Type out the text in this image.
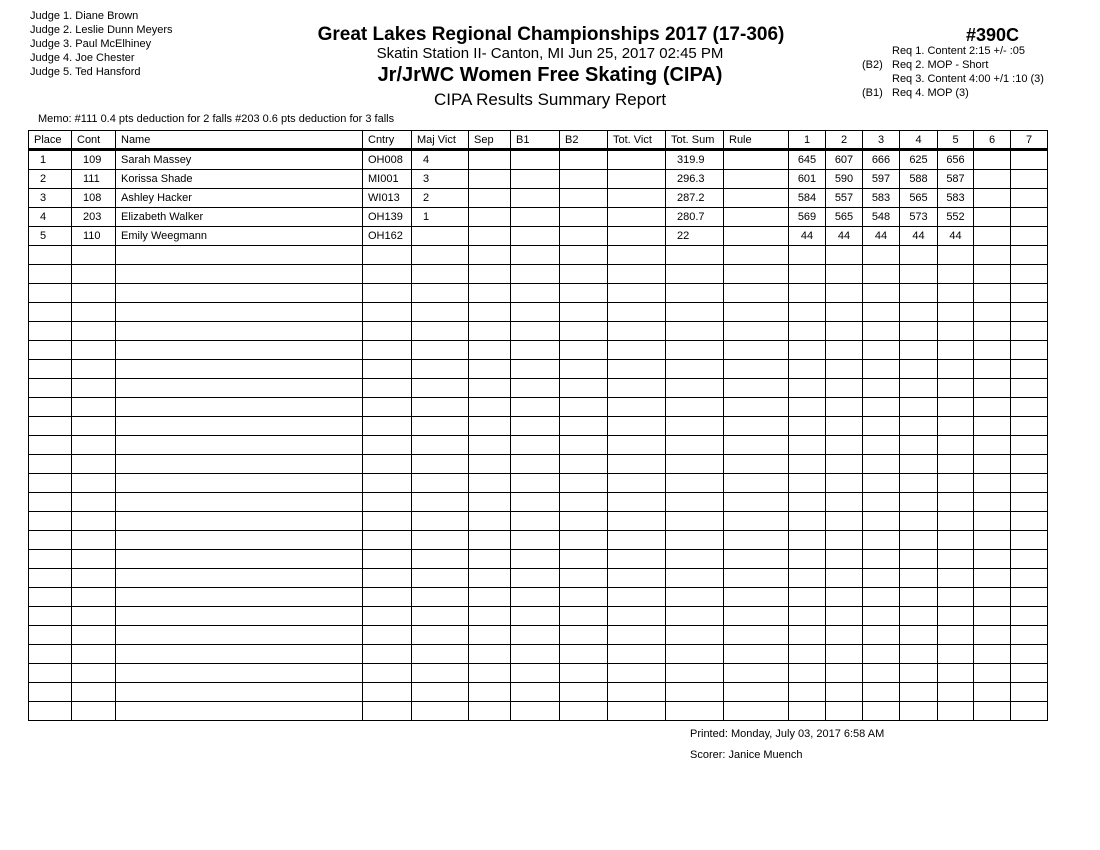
Judge 1. Diane Brown
Judge 2. Leslie Dunn Meyers
Judge 3. Paul McElhiney
Judge 4. Joe Chester
Judge 5. Ted Hansford
Great Lakes Regional Championships 2017 (17-306)
Skatin Station II- Canton, MI Jun 25, 2017 02:45 PM
Jr/JrWC Women Free Skating (CIPA)
CIPA Results Summary Report
#390C
Req 1. Content 2:15 +/- :05
(B2) Req 2. MOP - Short
Req 3. Content 4:00 +/1 :10 (3)
(B1) Req 4. MOP (3)
Memo: #111 0.4 pts deduction for 2 falls #203 0.6 pts deduction for 3 falls
Place	Cont	Name	Cntry	Maj Vict	Sep	B1	B2	Tot. Vict	Tot. Sum	Rule	1	2	3	4	5	6	7
1	109	Sarah Massey	OH008	4					319.9		645	607	666	625	656		
2	111	Korissa Shade	MI001	3					296.3		601	590	597	588	587		
3	108	Ashley Hacker	WI013	2					287.2		584	557	583	565	583		
4	203	Elizabeth Walker	OH139	1					280.7		569	565	548	573	552		
5	110	Emily Weegmann	OH162						22		44	44	44	44	44		

Printed: Monday, July 03, 2017 6:58 AM
Scorer: Janice Muench
